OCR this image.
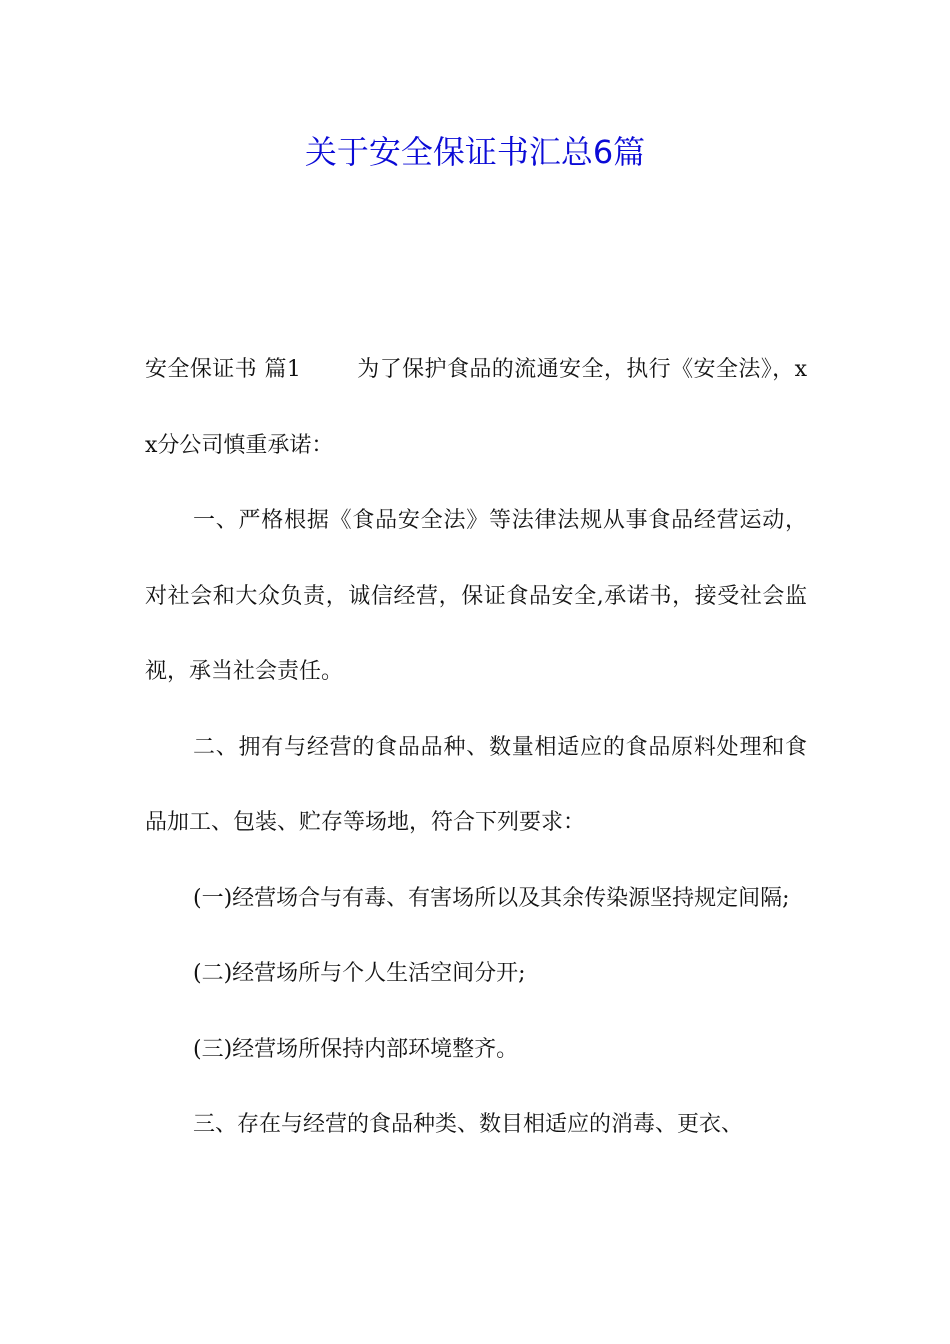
关于安全保证书汇总6篇

安全保证书 篇1	为了保护食品的流通安全，执行《安全法》，xx分公司慎重承诺：

一、严格根据《食品安全法》等法律法规从事食品经营运动，对社会和大众负责，诚信经营，保证食品安全,承诺书，接受社会监视，承当社会责任。

二、拥有与经营的食品品种、数量相适应的食品原料处理和食品加工、包装、贮存等场地，符合下列要求：

(一)经营场合与有毒、有害场所以及其余传染源坚持规定间隔;

(二)经营场所与个人生活空间分开;

(三)经营场所保持内部环境整齐。

三、存在与经营的食品种类、数目相适应的消毒、更衣、
